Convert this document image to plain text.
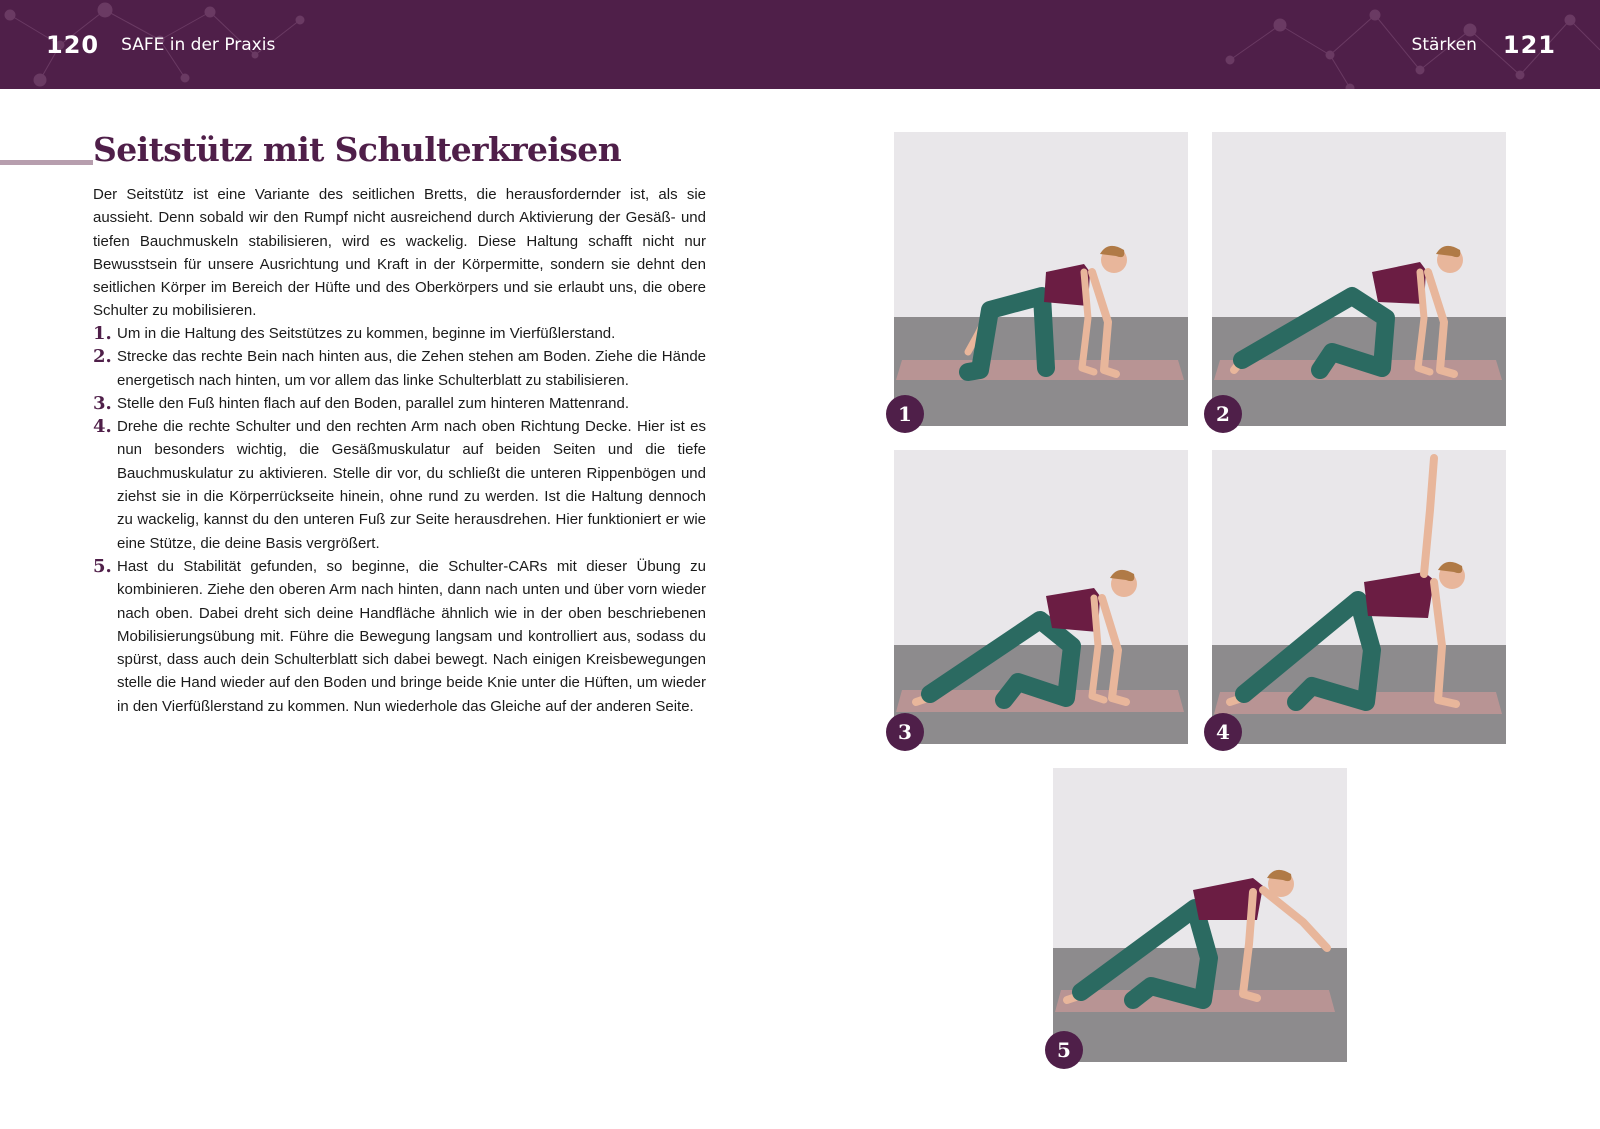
120 SAFE in der Praxis	Stärken 121
Seitstütz mit Schulterkreisen

Der Seitstütz ist eine Variante des seitlichen Bretts, die herausfordernder ist, als sie aussieht. Denn sobald wir den Rumpf nicht ausreichend durch Aktivierung der Gesäß- und tiefen Bauchmuskeln stabilisieren, wird es wackelig. Diese Haltung schafft nicht nur Bewusstsein für unsere Ausrichtung und Kraft in der Körpermitte, sondern sie dehnt den seitlichen Körper im Bereich der Hüfte und des Oberkörpers und sie erlaubt uns, die obere Schulter zu mobilisieren.

1. Um in die Haltung des Seitstützes zu kommen, beginne im Vierfüßlerstand.
2. Strecke das rechte Bein nach hinten aus, die Zehen stehen am Boden. Ziehe die Hände energetisch nach hinten, um vor allem das linke Schulterblatt zu stabilisieren.
3. Stelle den Fuß hinten flach auf den Boden, parallel zum hinteren Mattenrand.
4. Drehe die rechte Schulter und den rechten Arm nach oben Richtung Decke. Hier ist es nun besonders wichtig, die Gesäßmuskulatur auf beiden Seiten und die tiefe Bauchmuskulatur zu aktivieren. Stelle dir vor, du schließt die unteren Rippenbögen und ziehst sie in die Körperrückseite hinein, ohne rund zu werden. Ist die Haltung dennoch zu wackelig, kannst du den unteren Fuß zur Seite herausdrehen. Hier funktioniert er wie eine Stütze, die deine Basis vergrößert.
5. Hast du Stabilität gefunden, so beginne, die Schulter-CARs mit dieser Übung zu kombinieren. Ziehe den oberen Arm nach hinten, dann nach unten und über vorn wieder nach oben. Dabei dreht sich deine Handfläche ähnlich wie in der oben beschriebenen Mobilisierungsübung mit. Führe die Bewegung langsam und kontrolliert aus, sodass du spürst, dass auch dein Schulterblatt sich dabei bewegt. Nach einigen Kreisbewegungen stelle die Hand wieder auf den Boden und bringe beide Knie unter die Hüften, um wieder in den Vierfüßlerstand zu kommen. Nun wiederhole das Gleiche auf der anderen Seite.
1	2
3	4
5
